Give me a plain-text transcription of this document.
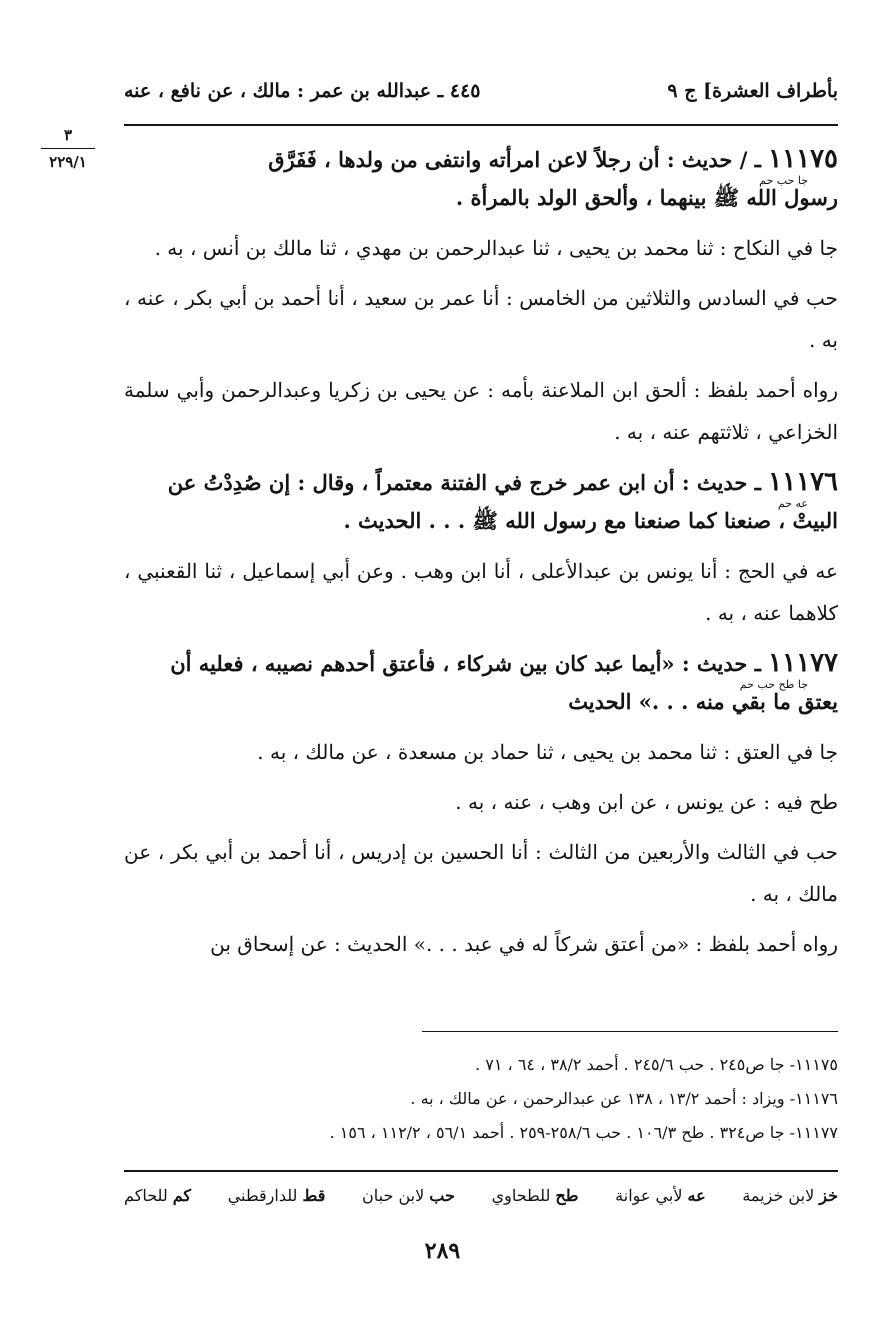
بأطراف العشرة] ج ٩
٤٤٥ ـ عبدالله بن عمر : مالك ، عن نافع ، عنه
٣
٢٢٩/١	١١١٧٥ ـ / حديث : أن رجلاً لاعن امرأته وانتفى من ولدها ، فَفَرَّق
جا حب حم
رسول الله ﷺ بينهما ، وألحق الولد بالمرأة .

جا في النكاح : ثنا محمد بن يحيى ، ثنا عبدالرحمن بن مهدي ، ثنا مالك بن أنس ، به .

حب في السادس والثلاثين من الخامس : أنا عمر بن سعيد ، أنا أحمد بن أبي بكر ، عنه ، به .

رواه أحمد بلفظ : ألحق ابن الملاعنة بأمه : عن يحيى بن زكريا وعبدالرحمن وأبي سلمة الخزاعي ، ثلاثتهم عنه ، به .

١١١٧٦ ـ حديث : أن ابن عمر خرج في الفتنة معتمراً ، وقال : إن صُدِدْتُ عن
عه حم
البيتْ ، صنعنا كما صنعنا مع رسول الله ﷺ . . . الحديث .

عه في الحج : أنا يونس بن عبدالأعلى ، أنا ابن وهب . وعن أبي إسماعيل ، ثنا القعنبي ، كلاهما عنه ، به .

١١١٧٧ ـ حديث : «أيما عبد كان بين شركاء ، فأعتق أحدهم نصيبه ، فعليه أن
جا طح حب حم
يعتق ما بقي منه . . .» الحديث

جا في العتق : ثنا محمد بن يحيى ، ثنا حماد بن مسعدة ، عن مالك ، به .

طح فيه : عن يونس ، عن ابن وهب ، عنه ، به .

حب في الثالث والأربعين من الثالث : أنا الحسين بن إدريس ، أنا أحمد بن أبي بكر ، عن مالك ، به .

رواه أحمد بلفظ : «من أعتق شركاً له في عبد . . .» الحديث : عن إسحاق بن

١١١٧٥- جا ص٢٤٥ . حب ٢٤٥/٦ . أحمد ٣٨/٢ ، ٦٤ ، ٧١ .
١١١٧٦- ويزاد : أحمد ١٣/٢ ، ١٣٨ عن عبدالرحمن ، عن مالك ، به .
١١١٧٧- جا ص٣٢٤ . طح ١٠٦/٣ . حب ٢٥٨/٦-٢٥٩ . أحمد ٥٦/١ ، ١١٢/٢ ، ١٥٦ .
خز لابن خزيمة
عه لأبي عوانة
طح للطحاوي
حب لابن حبان
قط للدارقطني
كم للحاكم
٢٨٩
